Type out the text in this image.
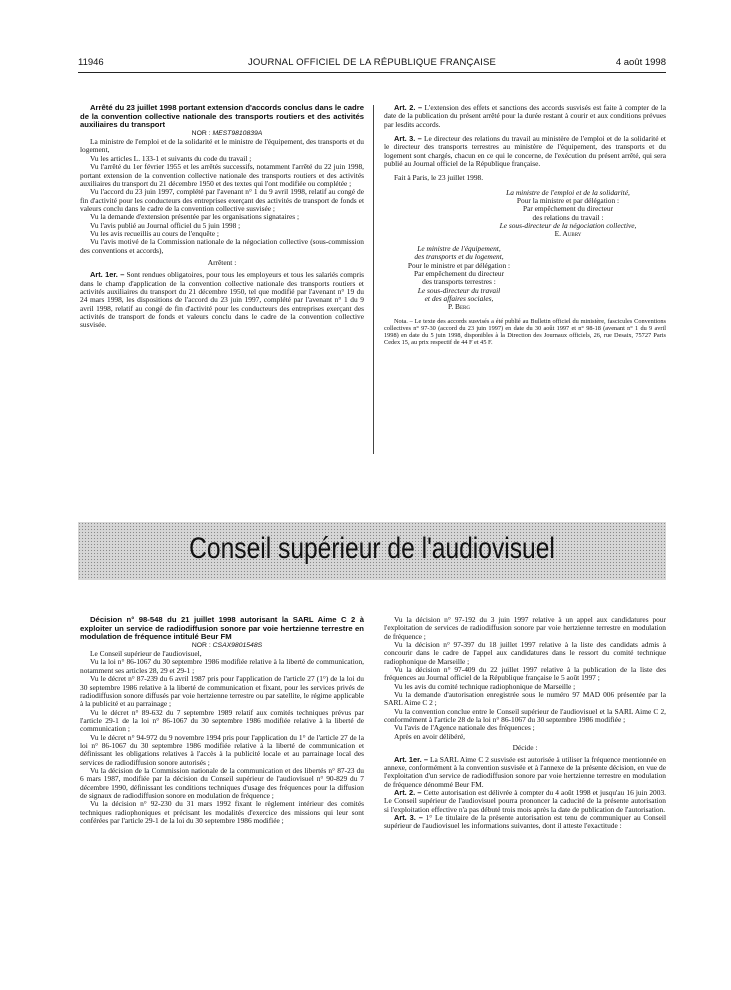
11946	JOURNAL OFFICIEL DE LA RÉPUBLIQUE FRANÇAISE	4 août 1998

Arrêté du 23 juillet 1998 portant extension d'accords conclus dans le cadre de la convention collective nationale des transports routiers et des activités auxiliaires du transport

NOR : MEST9810839A

La ministre de l'emploi et de la solidarité et le ministre de l'équipement, des transports et du logement,

Vu les articles L. 133-1 et suivants du code du travail ;

Vu l'arrêté du 1er février 1955 et les arrêtés successifs, notamment l'arrêté du 22 juin 1998, portant extension de la convention collective nationale des transports routiers et des activités auxiliaires du transport du 21 décembre 1950 et des textes qui l'ont modifiée ou complétée ;

Vu l'accord du 23 juin 1997, complété par l'avenant n° 1 du 9 avril 1998, relatif au congé de fin d'activité pour les conducteurs des entreprises exerçant des activités de transport de fonds et valeurs conclu dans le cadre de la convention collective susvisée ;

Vu la demande d'extension présentée par les organisations signataires ;

Vu l'avis publié au Journal officiel du 5 juin 1998 ;

Vu les avis recueillis au cours de l'enquête ;

Vu l'avis motivé de la Commission nationale de la négociation collective (sous-commission des conventions et accords),

Arrêtent :

Art. 1er. – Sont rendues obligatoires, pour tous les employeurs et tous les salariés compris dans le champ d'application de la convention collective nationale des transports routiers et activités auxiliaires du transport du 21 décembre 1950, tel que modifié par l'avenant n° 19 du 24 mars 1998, les dispositions de l'accord du 23 juin 1997, complété par l'avenant n° 1 du 9 avril 1998, relatif au congé de fin d'activité pour les conducteurs des entreprises exerçant des activités de transport de fonds et valeurs conclu dans le cadre de la convention collective susvisée.

Art. 2. – L'extension des effets et sanctions des accords susvisés est faite à compter de la date de la publication du présent arrêté pour la durée restant à courir et aux conditions prévues par lesdits accords.

Art. 3. – Le directeur des relations du travail au ministère de l'emploi et de la solidarité et le directeur des transports terrestres au ministère de l'équipement, des transports et du logement sont chargés, chacun en ce qui le concerne, de l'exécution du présent arrêté, qui sera publié au Journal officiel de la République française.

Fait à Paris, le 23 juillet 1998.

La ministre de l'emploi et de la solidarité,
Pour la ministre et par délégation :
Par empêchement du directeur
des relations du travail :
Le sous-directeur de la négociation collective,
E. Aubry
Le ministre de l'équipement,
des transports et du logement,
Pour le ministre et par délégation :
Par empêchement du directeur
des transports terrestres :
Le sous-directeur du travail
et des affaires sociales,
P. Berg

Nota. – Le texte des accords susvisés a été publié au Bulletin officiel du ministère, fascicules Conventions collectives n° 97-30 (accord du 23 juin 1997) en date du 30 août 1997 et n° 98-18 (avenant n° 1 du 9 avril 1998) en date du 5 juin 1998, disponibles à la Direction des Journaux officiels, 26, rue Desaix, 75727 Paris Cedex 15, au prix respectif de 44 F et 45 F.

Conseil supérieur de l'audiovisuel

Décision n° 98-548 du 21 juillet 1998 autorisant la SARL Aime C 2 à exploiter un service de radiodiffusion sonore par voie hertzienne terrestre en modulation de fréquence intitulé Beur FM

NOR : CSAX9801548S

Le Conseil supérieur de l'audiovisuel,

Vu la loi n° 86-1067 du 30 septembre 1986 modifiée relative à la liberté de communication, notamment ses articles 28, 29 et 29-1 ;

Vu le décret n° 87-239 du 6 avril 1987 pris pour l'application de l'article 27 (1°) de la loi du 30 septembre 1986 relative à la liberté de communication et fixant, pour les services privés de radiodiffusion sonore diffusés par voie hertzienne terrestre ou par satellite, le régime applicable à la publicité et au parrainage ;

Vu le décret n° 89-632 du 7 septembre 1989 relatif aux comités techniques prévus par l'article 29-1 de la loi n° 86-1067 du 30 septembre 1986 modifiée relative à la liberté de communication ;

Vu le décret n° 94-972 du 9 novembre 1994 pris pour l'application du 1° de l'article 27 de la loi n° 86-1067 du 30 septembre 1986 modifiée relative à la liberté de communication et définissant les obligations relatives à l'accès à la publicité locale et au parrainage local des services de radiodiffusion sonore autorisés ;

Vu la décision de la Commission nationale de la communication et des libertés n° 87-23 du 6 mars 1987, modifiée par la décision du Conseil supérieur de l'audiovisuel n° 90-829 du 7 décembre 1990, définissant les conditions techniques d'usage des fréquences pour la diffusion de signaux de radiodiffusion sonore en modulation de fréquence ;

Vu la décision n° 92-230 du 31 mars 1992 fixant le règlement intérieur des comités techniques radiophoniques et précisant les modalités d'exercice des missions qui leur sont conférées par l'article 29-1 de la loi du 30 septembre 1986 modifiée ;

Vu la décision n° 97-192 du 3 juin 1997 relative à un appel aux candidatures pour l'exploitation de services de radiodiffusion sonore par voie hertzienne terrestre en modulation de fréquence ;

Vu la décision n° 97-397 du 18 juillet 1997 relative à la liste des candidats admis à concourir dans le cadre de l'appel aux candidatures dans le ressort du comité technique radiophonique de Marseille ;

Vu la décision n° 97-409 du 22 juillet 1997 relative à la publication de la liste des fréquences au Journal officiel de la République française le 5 août 1997 ;

Vu les avis du comité technique radiophonique de Marseille ;

Vu la demande d'autorisation enregistrée sous le numéro 97 MAD 006 présentée par la SARL Aime C 2 ;

Vu la convention conclue entre le Conseil supérieur de l'audiovisuel et la SARL Aime C 2, conformément à l'article 28 de la loi n° 86-1067 du 30 septembre 1986 modifiée ;

Vu l'avis de l'Agence nationale des fréquences ;

Après en avoir délibéré,

Décide :

Art. 1er. – La SARL Aime C 2 susvisée est autorisée à utiliser la fréquence mentionnée en annexe, conformément à la convention susvisée et à l'annexe de la présente décision, en vue de l'exploitation d'un service de radiodiffusion sonore par voie hertzienne terrestre en modulation de fréquence dénommé Beur FM.

Art. 2. – Cette autorisation est délivrée à compter du 4 août 1998 et jusqu'au 16 juin 2003. Le Conseil supérieur de l'audiovisuel pourra prononcer la caducité de la présente autorisation si l'exploitation effective n'a pas débuté trois mois après la date de publication de l'autorisation.

Art. 3. – 1° Le titulaire de la présente autorisation est tenu de communiquer au Conseil supérieur de l'audiovisuel les informations suivantes, dont il atteste l'exactitude :
